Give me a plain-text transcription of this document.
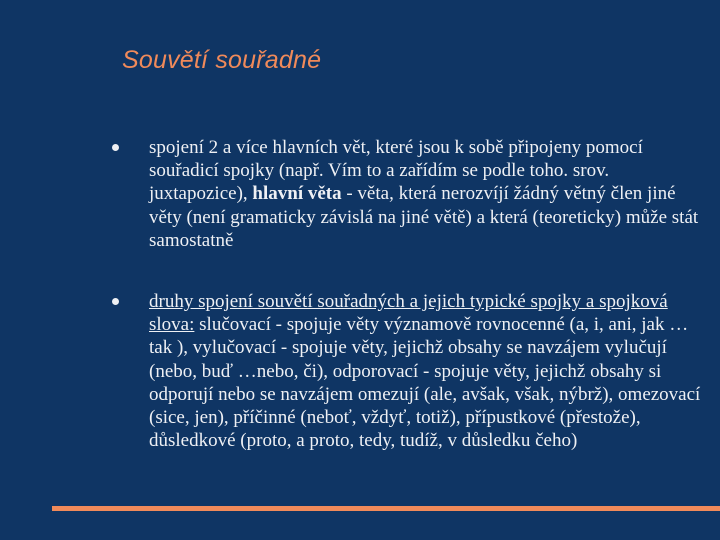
Souvětí souřadné
spojení 2 a více hlavních vět, které jsou k sobě připojeny pomocí souřadicí spojky (např. Vím to a zařídím se podle toho. srov. juxtapozice), hlavní věta - věta, která nerozvíjí žádný větný člen jiné věty (není gramaticky závislá na jiné větě) a která (teoreticky) může stát samostatně
druhy spojení souvětí souřadných a jejich typické spojky a spojková slova: slučovací - spojuje věty významově rovnocenné (a, i, ani, jak …tak ), vylučovací - spojuje věty, jejichž obsahy se navzájem vylučují (nebo, buď …nebo, či), odporovací - spojuje věty, jejichž obsahy si odporují nebo se navzájem omezují (ale, avšak, však, nýbrž), omezovací (sice, jen), příčinné (neboť, vždyť, totiž), přípustkové (přestože), důsledkové (proto, a proto, tedy, tudíž, v důsledku čeho)
